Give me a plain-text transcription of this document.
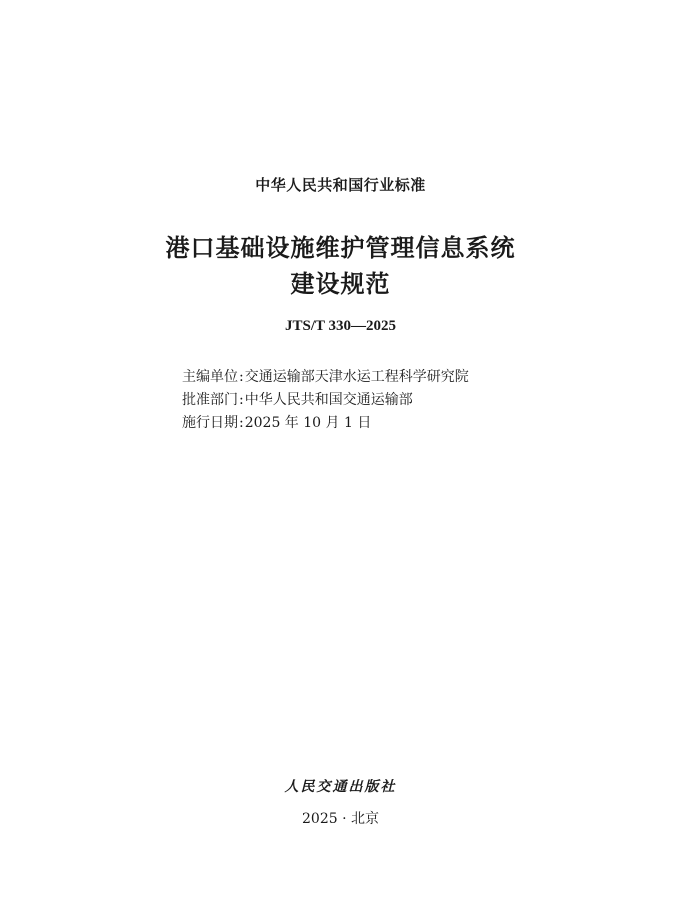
中华人民共和国行业标准
港口基础设施维护管理信息系统
建设规范
JTS/T 330—2025
主编单位:交通运输部天津水运工程科学研究院
批准部门:中华人民共和国交通运输部
施行日期:2025 年 10 月 1 日
人民交通出版社
2025 · 北京
